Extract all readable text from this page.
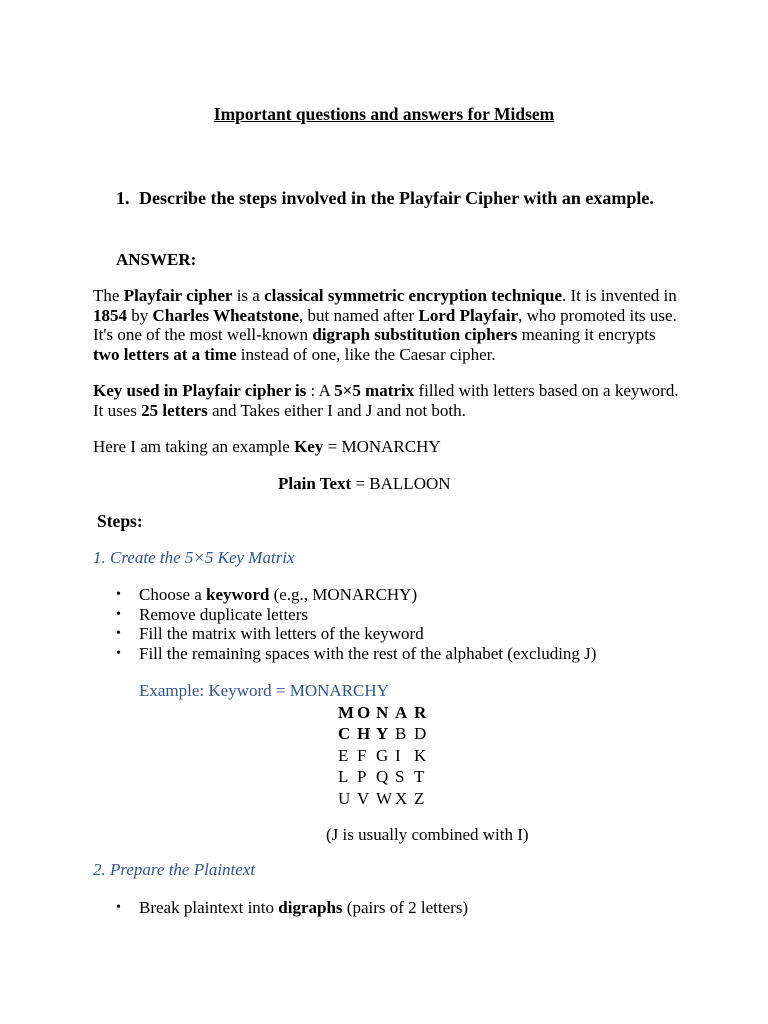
Important questions and answers for Midsem
1. Describe the steps involved in the Playfair Cipher with an example.
ANSWER:
The Playfair cipher is a classical symmetric encryption technique. It is invented in 1854 by Charles Wheatstone, but named after Lord Playfair, who promoted its use. It's one of the most well-known digraph substitution ciphers meaning it encrypts two letters at a time instead of one, like the Caesar cipher.
Key used in Playfair cipher is : A 5×5 matrix filled with letters based on a keyword. It uses 25 letters and Takes either I and J and not both.
Here I am taking an example Key = MONARCHY
Plain Text = BALLOON
Steps:
1. Create the 5×5 Key Matrix
• Choose a keyword (e.g., MONARCHY)
• Remove duplicate letters
• Fill the matrix with letters of the keyword
• Fill the remaining spaces with the rest of the alphabet (excluding J)
Example: Keyword = MONARCHY
M	O	N	A	R
C	H	Y	B	D
E	F	G	I	K
L	P	Q	S	T
U	V	W	X	Z
(J is usually combined with I)
2. Prepare the Plaintext
• Break plaintext into digraphs (pairs of 2 letters)
